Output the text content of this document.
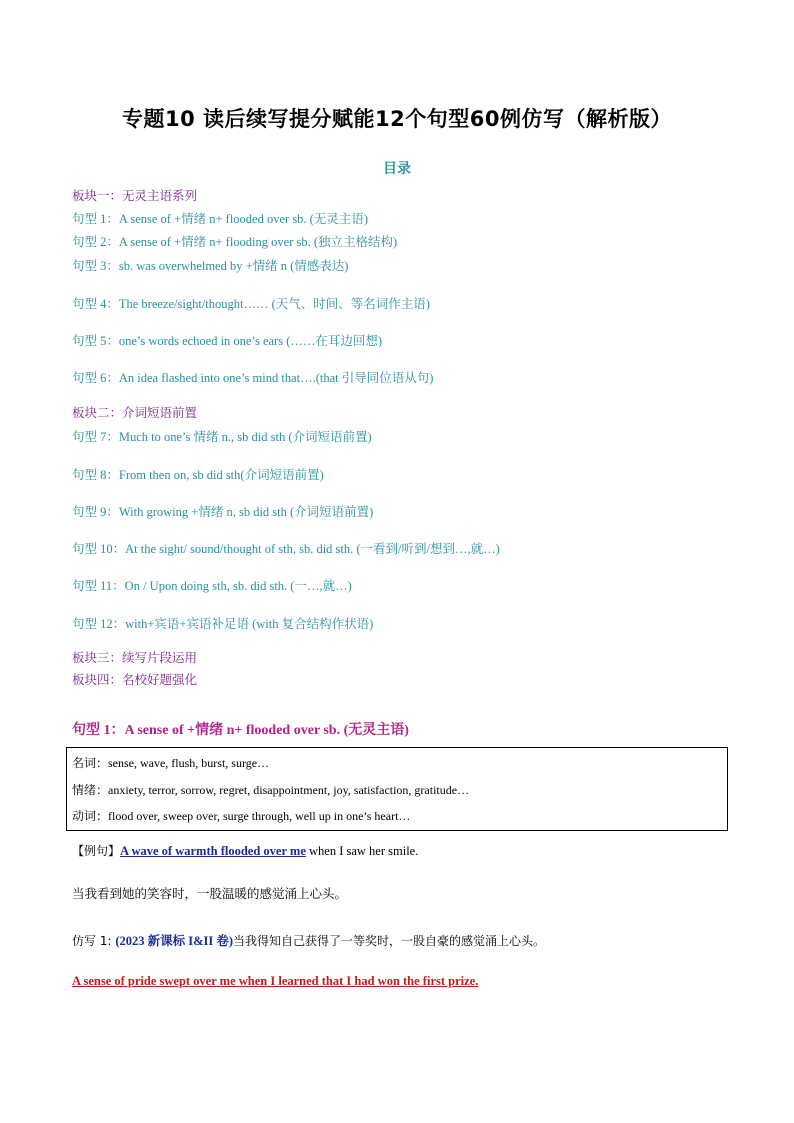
专题10 读后续写提分赋能12个句型60例仿写（解析版）
目录
板块一：无灵主语系列
句型 1：A sense of +情绪 n+ flooded over sb. (无灵主语)
句型 2：A sense of +情绪 n+ flooding over sb. (独立主格结构)
句型 3：sb. was overwhelmed by +情绪 n (情感表达)
句型 4：The breeze/sight/thought…… (天气、时间、等名词作主语)
句型 5：one’s words echoed in one’s ears (……在耳边回想)
句型 6：An idea flashed into one’s mind that….(that 引导同位语从句)
板块二：介词短语前置
句型 7：Much to one’s 情绪 n., sb did sth (介词短语前置)
句型 8：From then on, sb did sth(介词短语前置)
句型 9：With growing +情绪 n, sb did sth (介词短语前置)
句型 10：At the sight/ sound/thought of sth, sb. did sth. (一看到/听到/想到…,就…)
句型 11：On / Upon doing sth, sb. did sth. (一…,就…)
句型 12：with+宾语+宾语补足语 (with 复合结构作状语)
板块三：续写片段运用
板块四：名校好题强化
句型 1：A sense of +情绪 n+ flooded over sb. (无灵主语)
名词：sense, wave, flush, burst, surge…
情绪：anxiety, terror, sorrow, regret, disappointment, joy, satisfaction, gratitude…
动词：flood over, sweep over, surge through, well up in one’s heart…
【例句】A wave of warmth flooded over me when I saw her smile.
当我看到她的笑容时，一股温暖的感觉涌上心头。
仿写 1: (2023 新课标 I&II 卷)当我得知自己获得了一等奖时，一股自豪的感觉涌上心头。
A sense of pride swept over me when I learned that I had won the first prize.
